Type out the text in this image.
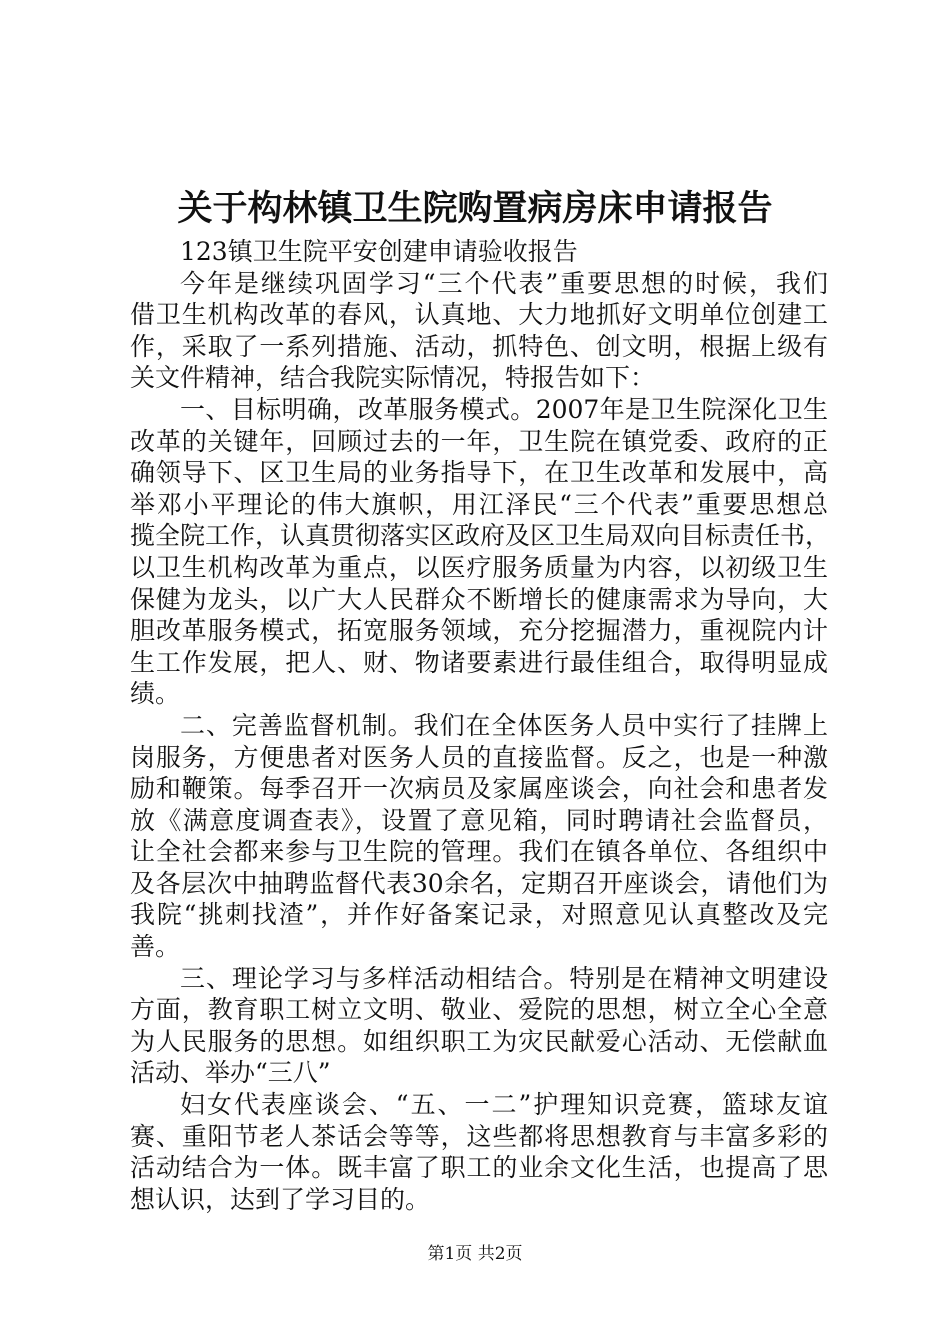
关于构林镇卫生院购置病房床申请报告
123镇卫生院平安创建申请验收报告
今年是继续巩固学习“三个代表”重要思想的时候，我们
借卫生机构改革的春风，认真地、大力地抓好文明单位创建工
作，采取了一系列措施、活动，抓特色、创文明，根据上级有
关文件精神，结合我院实际情况，特报告如下：
一、目标明确，改革服务模式。2007年是卫生院深化卫生
改革的关键年，回顾过去的一年，卫生院在镇党委、政府的正
确领导下、区卫生局的业务指导下，在卫生改革和发展中，高
举邓小平理论的伟大旗帜，用江泽民“三个代表”重要思想总
揽全院工作，认真贯彻落实区政府及区卫生局双向目标责任书，
以卫生机构改革为重点，以医疗服务质量为内容，以初级卫生
保健为龙头，以广大人民群众不断增长的健康需求为导向，大
胆改革服务模式，拓宽服务领域，充分挖掘潜力，重视院内计
生工作发展，把人、财、物诸要素进行最佳组合，取得明显成
绩。
二、完善监督机制。我们在全体医务人员中实行了挂牌上
岗服务，方便患者对医务人员的直接监督。反之，也是一种激
励和鞭策。每季召开一次病员及家属座谈会，向社会和患者发
放《满意度调查表》，设置了意见箱，同时聘请社会监督员，
让全社会都来参与卫生院的管理。我们在镇各单位、各组织中
及各层次中抽聘监督代表30余名，定期召开座谈会，请他们为
我院“挑刺找渣”，并作好备案记录，对照意见认真整改及完
善。
三、理论学习与多样活动相结合。特别是在精神文明建设
方面，教育职工树立文明、敬业、爱院的思想，树立全心全意
为人民服务的思想。如组织职工为灾民献爱心活动、无偿献血
活动、举办“三八”
妇女代表座谈会、“五、一二”护理知识竞赛，篮球友谊
赛、重阳节老人茶话会等等，这些都将思想教育与丰富多彩的
活动结合为一体。既丰富了职工的业余文化生活，也提高了思
想认识，达到了学习目的。
第1页 共2页
